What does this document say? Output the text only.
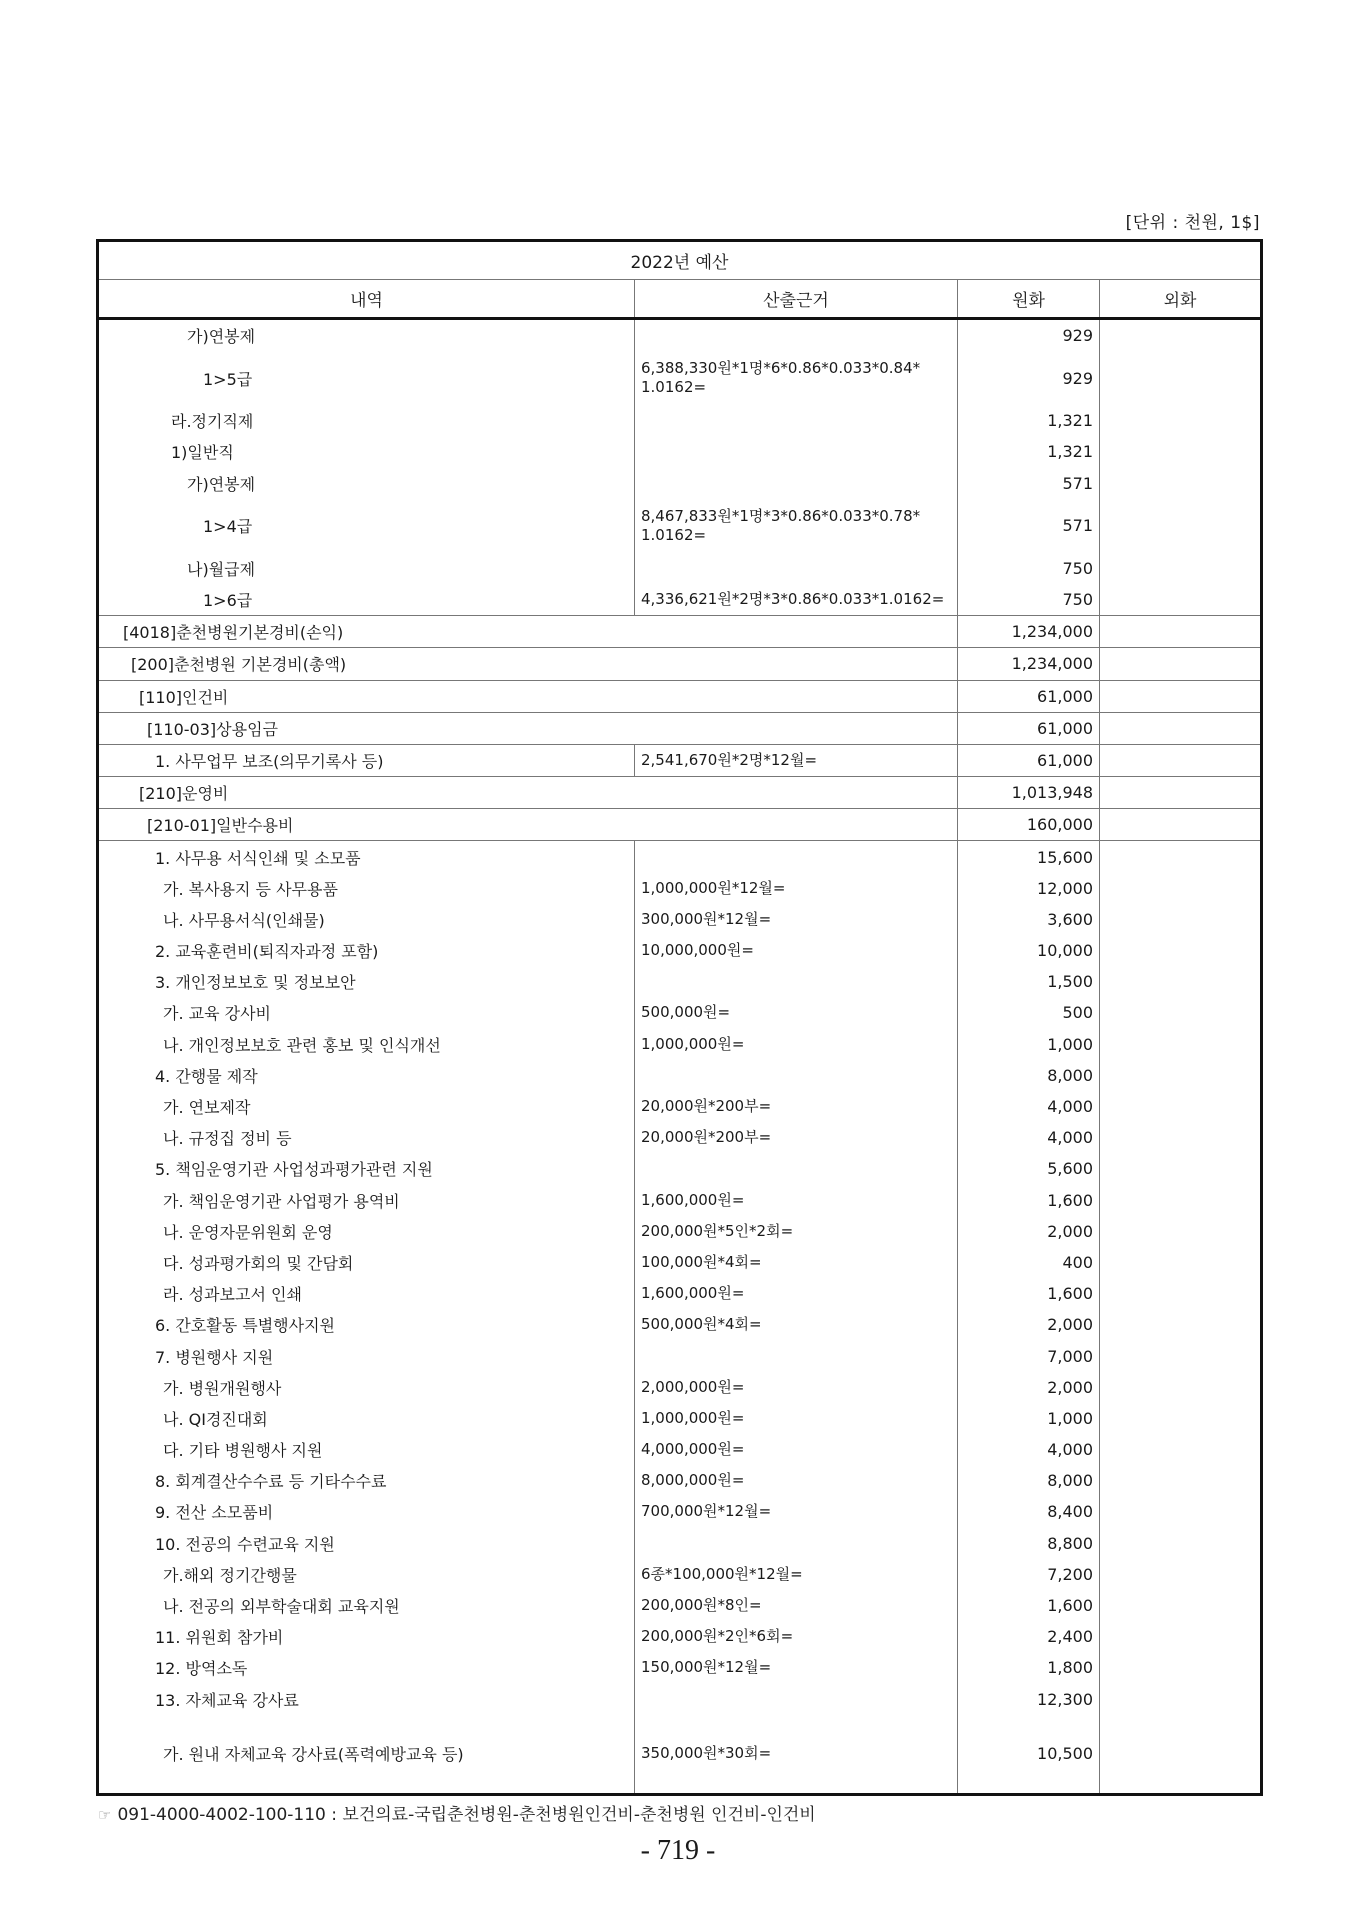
[단위 : 천원, 1$]
2022년 예산			
내역	산출근거	원화	외화
가)연봉제		929	
1>5급	6,388,330원*1명*6*0.86*0.033*0.84*
1.0162=	929	
라.정기직제		1,321	
1)일반직		1,321	
가)연봉제		571	
1>4급	8,467,833원*1명*3*0.86*0.033*0.78*
1.0162=	571	
나)월급제		750	
1>6급	4,336,621원*2명*3*0.86*0.033*1.0162=	750	
[4018]춘천병원기본경비(손익)		1,234,000	
[200]춘천병원 기본경비(총액)		1,234,000	
[110]인건비		61,000	
[110-03]상용임금		61,000	
1. 사무업무 보조(의무기록사 등)	2,541,670원*2명*12월=	61,000	
[210]운영비		1,013,948	
[210-01]일반수용비		160,000	
1. 사무용 서식인쇄 및 소모품		15,600	
가. 복사용지 등 사무용품	1,000,000원*12월=	12,000	
나. 사무용서식(인쇄물)	300,000원*12월=	3,600	
2. 교육훈련비(퇴직자과정 포함)	10,000,000원=	10,000	
3. 개인정보보호 및 정보보안		1,500	
가. 교육 강사비	500,000원=	500	
나. 개인정보보호 관련 홍보 및 인식개선	1,000,000원=	1,000	
4. 간행물 제작		8,000	
가. 연보제작	20,000원*200부=	4,000	
나. 규정집 정비 등	20,000원*200부=	4,000	
5. 책임운영기관 사업성과평가관련 지원		5,600	
가. 책임운영기관 사업평가 용역비	1,600,000원=	1,600	
나. 운영자문위원회 운영	200,000원*5인*2회=	2,000	
다. 성과평가회의 및 간담회	100,000원*4회=	400	
라. 성과보고서 인쇄	1,600,000원=	1,600	
6. 간호활동 특별행사지원	500,000원*4회=	2,000	
7. 병원행사 지원		7,000	
가. 병원개원행사	2,000,000원=	2,000	
나. QI경진대회	1,000,000원=	1,000	
다. 기타 병원행사 지원	4,000,000원=	4,000	
8. 회계결산수수료 등 기타수수료	8,000,000원=	8,000	
9. 전산 소모품비	700,000원*12월=	8,400	
10. 전공의 수련교육 지원		8,800	
가.해외 정기간행물	6종*100,000원*12월=	7,200	
나. 전공의 외부학술대회 교육지원	200,000원*8인=	1,600	
11. 위원회 참가비	200,000원*2인*6회=	2,400	
12. 방역소독	150,000원*12월=	1,800	
13. 자체교육 강사료		12,300	
가. 원내 자체교육 강사료(폭력예방교육 등)	350,000원*30회=	10,500	
☞ 091-4000-4002-100-110 : 보건의료-국립춘천병원-춘천병원인건비-춘천병원 인건비-인건비
- 719 -
